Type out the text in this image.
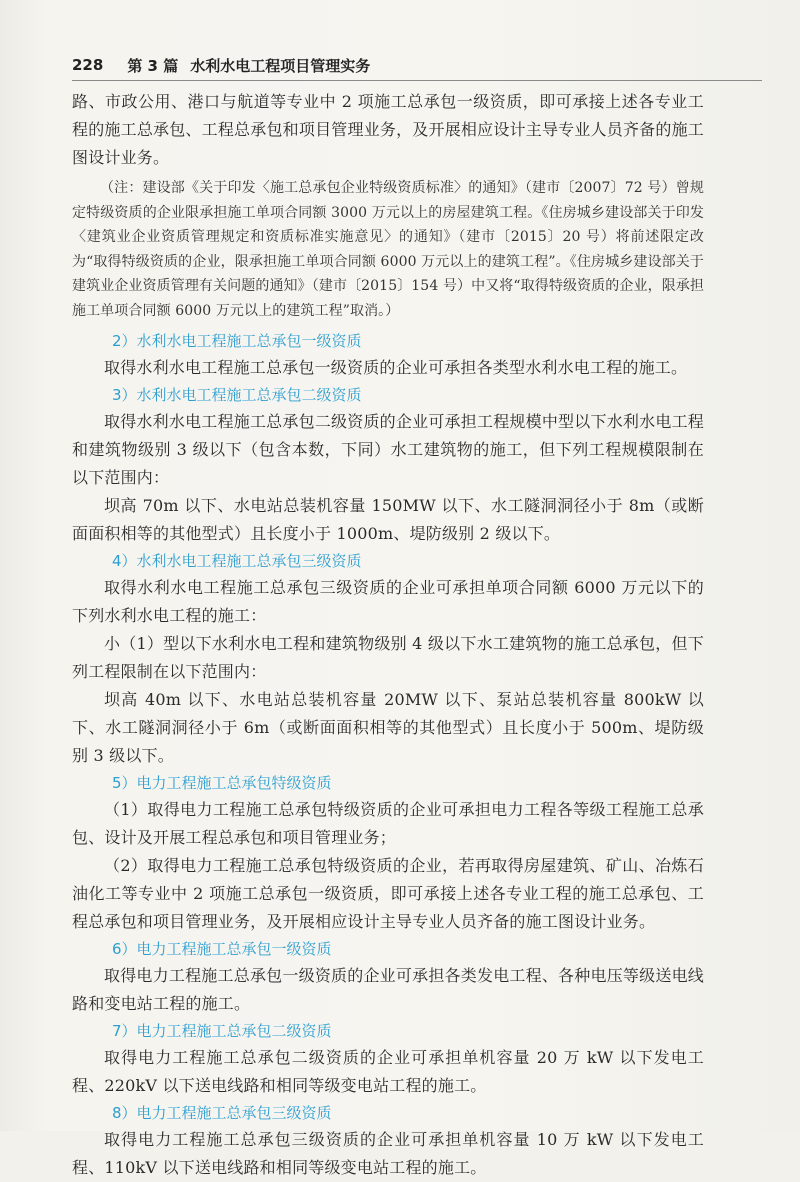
228 第 3 篇 水利水电工程项目管理实务

路、市政公用、港口与航道等专业中 2 项施工总承包一级资质，即可承接上述各专业工程的施工总承包、工程总承包和项目管理业务，及开展相应设计主导专业人员齐备的施工图设计业务。

（注：建设部《关于印发〈施工总承包企业特级资质标准〉的通知》（建市〔2007〕72 号）曾规定特级资质的企业限承担施工单项合同额 3000 万元以上的房屋建筑工程。《住房城乡建设部关于印发〈建筑业企业资质管理规定和资质标准实施意见〉的通知》（建市〔2015〕20 号）将前述限定改为“取得特级资质的企业，限承担施工单项合同额 6000 万元以上的建筑工程”。《住房城乡建设部关于建筑业企业资质管理有关问题的通知》（建市〔2015〕154 号）中又将“取得特级资质的企业，限承担施工单项合同额 6000 万元以上的建筑工程”取消。）

2）水利水电工程施工总承包一级资质

取得水利水电工程施工总承包一级资质的企业可承担各类型水利水电工程的施工。

3）水利水电工程施工总承包二级资质

取得水利水电工程施工总承包二级资质的企业可承担工程规模中型以下水利水电工程和建筑物级别 3 级以下（包含本数，下同）水工建筑物的施工，但下列工程规模限制在以下范围内：

坝高 70m 以下、水电站总装机容量 150MW 以下、水工隧洞洞径小于 8m（或断面面积相等的其他型式）且长度小于 1000m、堤防级别 2 级以下。

4）水利水电工程施工总承包三级资质

取得水利水电工程施工总承包三级资质的企业可承担单项合同额 6000 万元以下的下列水利水电工程的施工：

小（1）型以下水利水电工程和建筑物级别 4 级以下水工建筑物的施工总承包，但下列工程限制在以下范围内：

坝高 40m 以下、水电站总装机容量 20MW 以下、泵站总装机容量 800kW 以下、水工隧洞洞径小于 6m（或断面面积相等的其他型式）且长度小于 500m、堤防级别 3 级以下。

5）电力工程施工总承包特级资质

（1）取得电力工程施工总承包特级资质的企业可承担电力工程各等级工程施工总承包、设计及开展工程总承包和项目管理业务；

（2）取得电力工程施工总承包特级资质的企业，若再取得房屋建筑、矿山、冶炼石油化工等专业中 2 项施工总承包一级资质，即可承接上述各专业工程的施工总承包、工程总承包和项目管理业务，及开展相应设计主导专业人员齐备的施工图设计业务。

6）电力工程施工总承包一级资质

取得电力工程施工总承包一级资质的企业可承担各类发电工程、各种电压等级送电线路和变电站工程的施工。

7）电力工程施工总承包二级资质

取得电力工程施工总承包二级资质的企业可承担单机容量 20 万 kW 以下发电工程、220kV 以下送电线路和相同等级变电站工程的施工。

8）电力工程施工总承包三级资质

取得电力工程施工总承包三级资质的企业可承担单机容量 10 万 kW 以下发电工程、110kV 以下送电线路和相同等级变电站工程的施工。
